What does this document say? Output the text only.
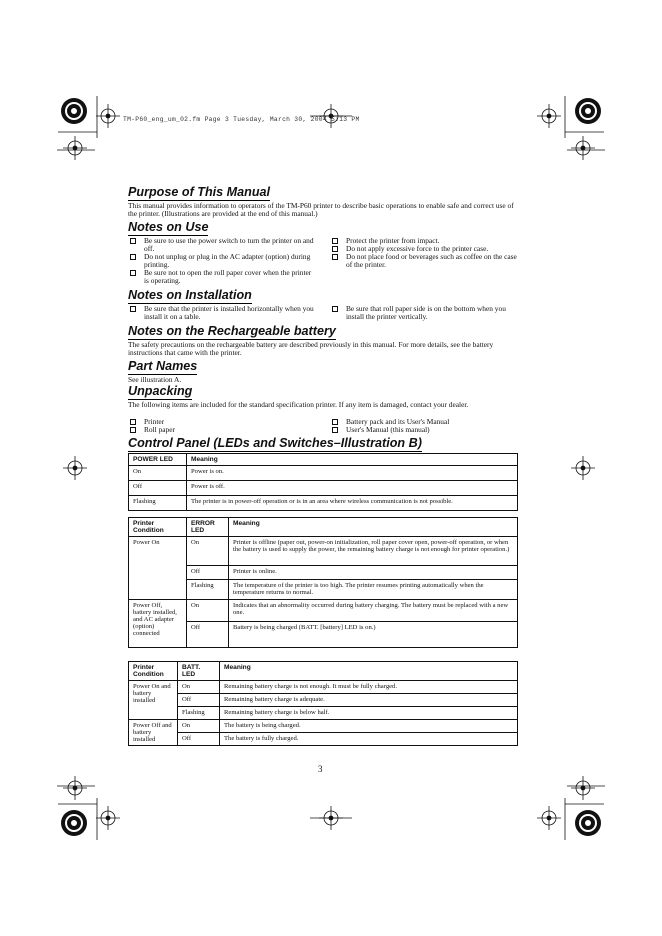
TM-P60_eng_um_02.fm Page 3 Tuesday, March 30, 2004 5:13 PM
Purpose of This Manual

This manual provides information to operators of the TM-P60 printer to describe basic operations to enable safe and correct use of the printer. (Illustrations are provided at the end of this manual.)

Notes on Use
Be sure to use the power switch to turn the printer on and off.
Do not unplug or plug in the AC adapter (option) during printing.
Be sure not to open the roll paper cover when the printer is operating.
Protect the printer from impact.
Do not apply excessive force to the printer case.
Do not place food or beverages such as coffee on the case of the printer.
Notes on Installation
Be sure that the printer is installed horizontally when you install it on a table.
Be sure that roll paper side is on the bottom when you install the printer vertically.
Notes on the Rechargeable battery

The safety precautions on the rechargeable battery are described previously in this manual. For more details, see the battery instructions that came with the printer.

Part Names

See illustration A.

Unpacking

The following items are included for the standard specification printer. If any item is damaged, contact your dealer.

Printer
Roll paper
Battery pack and its User's Manual
User's Manual (this manual)
Control Panel (LEDs and Switches–Illustration B)
POWER LED	Meaning
On	Power is on.
Off	Power is off.
Flashing	The printer is in power-off operation or is in an area where wireless communication is not possible.
Printer Condition	ERROR LED	Meaning
Power On	On	Printer is offline (paper out, power-on initialization, roll paper cover open, power-off operation, or when the battery is used to supply the power, the remaining battery charge is not enough for printer operation.)
	Off	Printer is online.
	Flashing	The temperature of the printer is too high. The printer resumes printing automatically when the temperature returns to normal.
Power Off, battery installed, and AC adapter (option) connected	On	Indicates that an abnormality occurred during battery charging. The battery must be replaced with a new one.
	Off	Battery is being charged (BATT. [battery] LED is on.)
Printer Condition	BATT. LED	Meaning
Power On and battery installed	On	Remaining battery charge is not enough. It must be fully charged.
	Off	Remaining battery charge is adequate.
	Flashing	Remaining battery charge is below half.
Power Off and battery installed	On	The battery is being charged.
	Off	The battery is fully charged.
3
